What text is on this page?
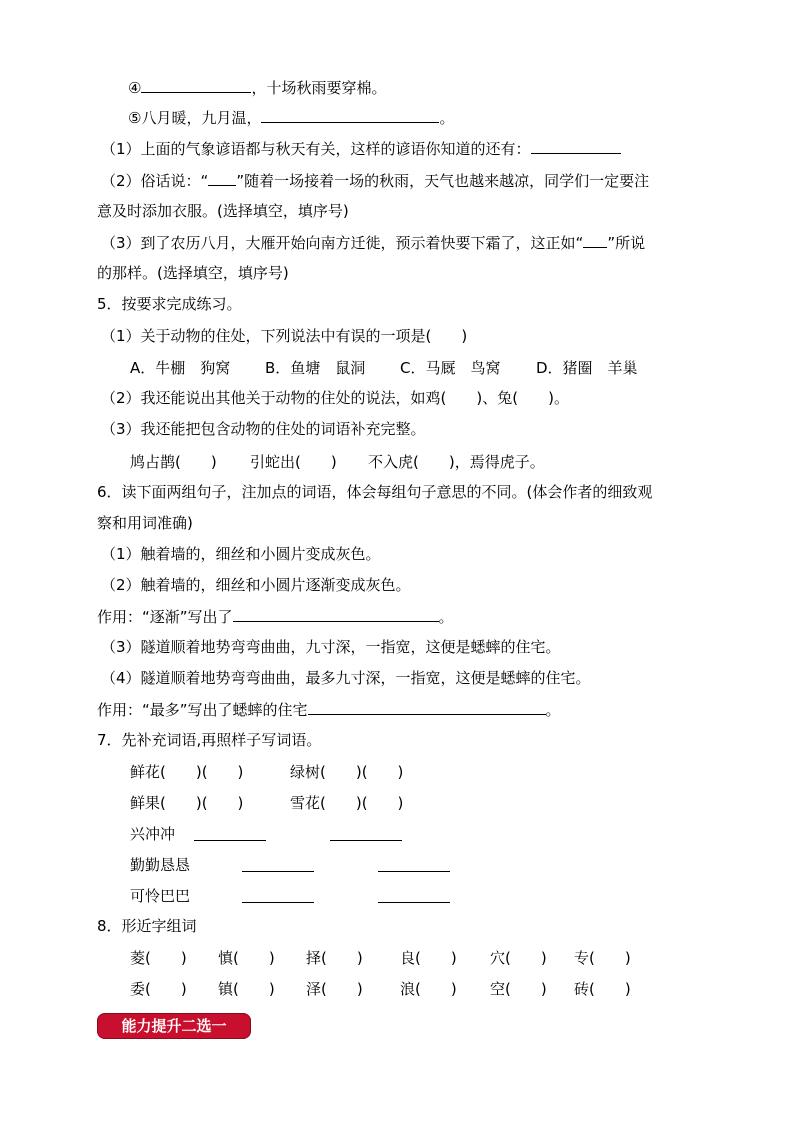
④	，十场秋雨要穿棉。
⑤八月暖，九月温，	。
（1）上面的气象谚语都与秋天有关，这样的谚语你知道的还有：
（2）俗话说：“ ”随着一场接着一场的秋雨，天气也越来越凉，同学们一定要注
意及时添加衣服。(选择填空，填序号)
（3）到了农历八月，大雁开始向南方迁徙，预示着快要下霜了，这正如“ ”所说
的那样。(选择填空，填序号)
5．按要求完成练习。
（1）关于动物的住处，下列说法中有误的一项是(　　)
A．牛棚　狗窝 B．鱼塘　鼠洞 C．马厩　鸟窝 D．猪圈　羊巢
（2）我还能说出其他关于动物的住处的说法，如鸡(　　)、兔(　　)。
（3）我还能把包含动物的住处的词语补充完整。
鸠占鹊(　　) 引蛇出(　　) 不入虎(　　)，焉得虎子。
6．读下面两组句子，注加点的词语，体会每组句子意思的不同。(体会作者的细致观
察和用词准确)
（1）触着墙的，细丝和小圆片变成灰色。
（2）触着墙的，细丝和小圆片逐渐变成灰色。
作用：“逐渐”写出了	。
（3）隧道顺着地势弯弯曲曲，九寸深，一指宽，这便是蟋蟀的住宅。
（4）隧道顺着地势弯弯曲曲，最多九寸深，一指宽，这便是蟋蟀的住宅。
作用：“最多”写出了蟋蟀的住宅	。
7．先补充词语,再照样子写词语。
鲜花(　　)(　　)	绿树(　　)(　　)
鲜果(　　)(　　)	雪花(　　)(　　)
兴冲冲
勤勤恳恳
可怜巴巴
8．形近字组词
菱(　　) 慎(　　) 择(　　) 良(　　) 穴(　　) 专(　　)
委(　　) 镇(　　) 泽(　　) 浪(　　) 空(　　) 砖(　　)
能力提升二选一
